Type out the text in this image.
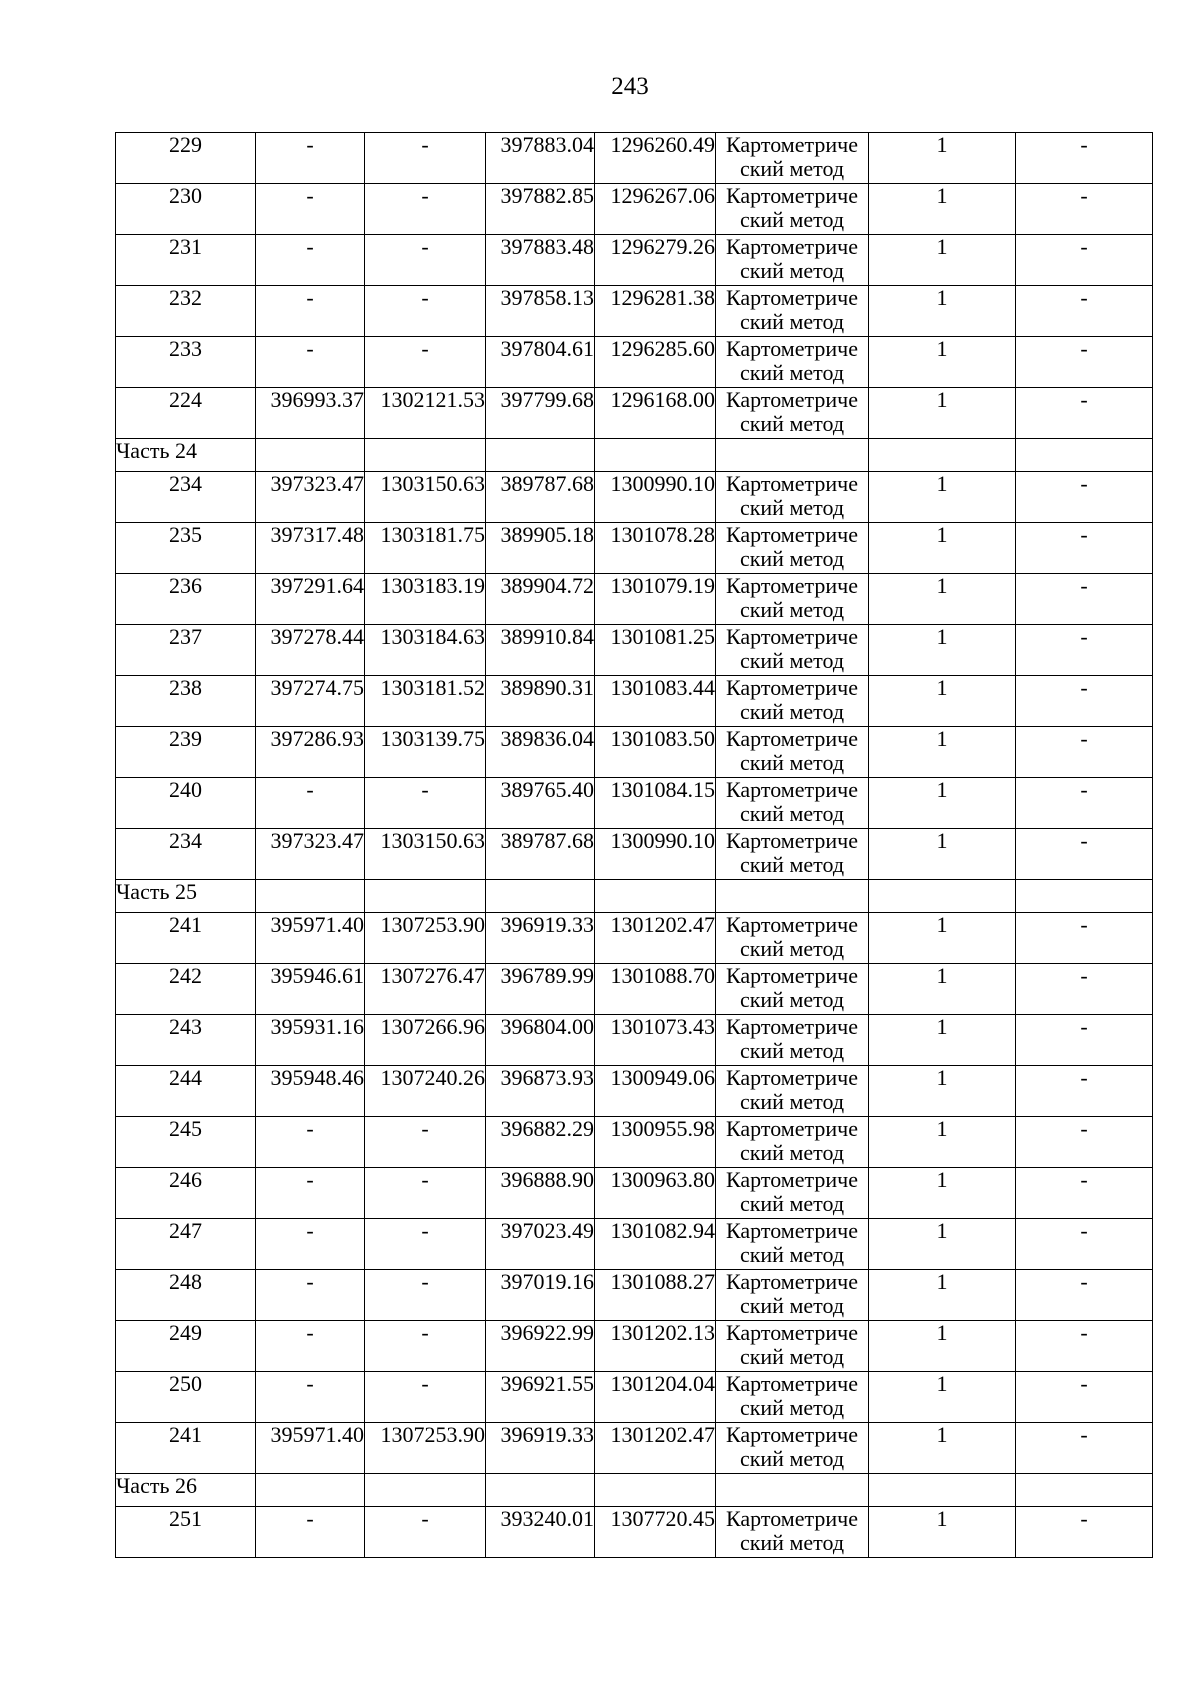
243
229	-	-	397883.04	1296260.49	Картометриче
ский метод	1	-
230	-	-	397882.85	1296267.06	Картометриче
ский метод	1	-
231	-	-	397883.48	1296279.26	Картометриче
ский метод	1	-
232	-	-	397858.13	1296281.38	Картометриче
ский метод	1	-
233	-	-	397804.61	1296285.60	Картометриче
ский метод	1	-
224	396993.37	1302121.53	397799.68	1296168.00	Картометриче
ский метод	1	-
Часть 24							
234	397323.47	1303150.63	389787.68	1300990.10	Картометриче
ский метод	1	-
235	397317.48	1303181.75	389905.18	1301078.28	Картометриче
ский метод	1	-
236	397291.64	1303183.19	389904.72	1301079.19	Картометриче
ский метод	1	-
237	397278.44	1303184.63	389910.84	1301081.25	Картометриче
ский метод	1	-
238	397274.75	1303181.52	389890.31	1301083.44	Картометриче
ский метод	1	-
239	397286.93	1303139.75	389836.04	1301083.50	Картометриче
ский метод	1	-
240	-	-	389765.40	1301084.15	Картометриче
ский метод	1	-
234	397323.47	1303150.63	389787.68	1300990.10	Картометриче
ский метод	1	-
Часть 25							
241	395971.40	1307253.90	396919.33	1301202.47	Картометриче
ский метод	1	-
242	395946.61	1307276.47	396789.99	1301088.70	Картометриче
ский метод	1	-
243	395931.16	1307266.96	396804.00	1301073.43	Картометриче
ский метод	1	-
244	395948.46	1307240.26	396873.93	1300949.06	Картометриче
ский метод	1	-
245	-	-	396882.29	1300955.98	Картометриче
ский метод	1	-
246	-	-	396888.90	1300963.80	Картометриче
ский метод	1	-
247	-	-	397023.49	1301082.94	Картометриче
ский метод	1	-
248	-	-	397019.16	1301088.27	Картометриче
ский метод	1	-
249	-	-	396922.99	1301202.13	Картометриче
ский метод	1	-
250	-	-	396921.55	1301204.04	Картометриче
ский метод	1	-
241	395971.40	1307253.90	396919.33	1301202.47	Картометриче
ский метод	1	-
Часть 26							
251	-	-	393240.01	1307720.45	Картометриче
ский метод	1	-
